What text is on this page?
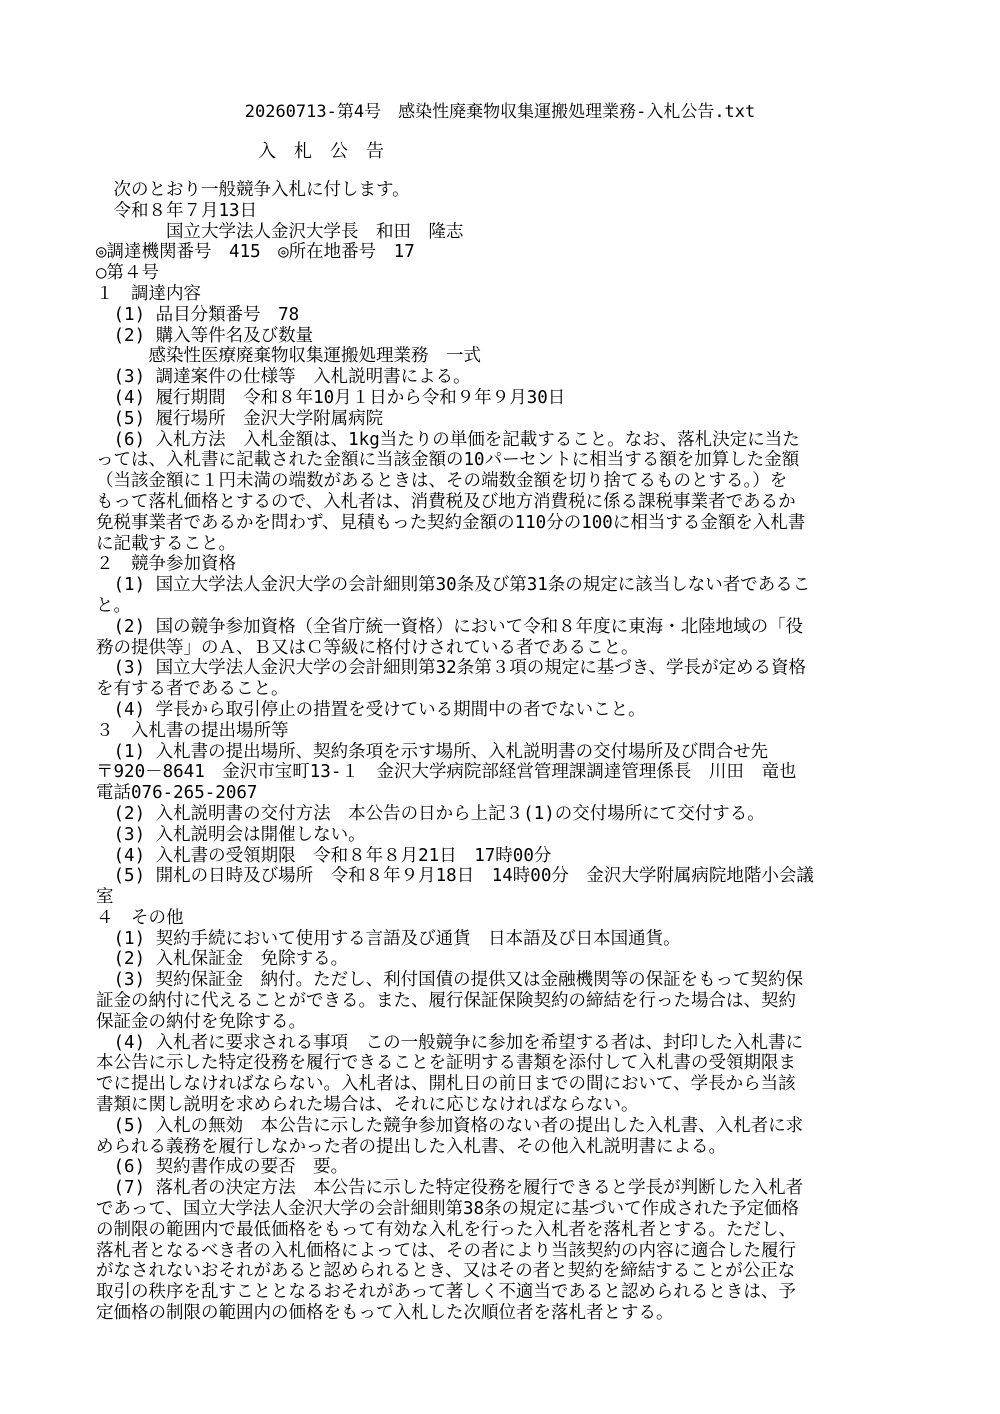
20260713-第4号　感染性廃棄物収集運搬処理業務-入札公告.txt
入　札　公　告
　次のとおり一般競争入札に付します。
　令和８年７月13日
　　　　国立大学法人金沢大学長　和田　隆志
◎調達機関番号　415　◎所在地番号　17
○第４号
１　調達内容
　(1) 品目分類番号　78
　(2) 購入等件名及び数量
　　　感染性医療廃棄物収集運搬処理業務　一式
　(3) 調達案件の仕様等　入札説明書による。
　(4) 履行期間　令和８年10月１日から令和９年９月30日
　(5) 履行場所　金沢大学附属病院
　(6) 入札方法　入札金額は、1kg当たりの単価を記載すること。なお、落札決定に当た
っては、入札書に記載された金額に当該金額の10パーセントに相当する額を加算した金額
（当該金額に１円未満の端数があるときは、その端数金額を切り捨てるものとする。）を
もって落札価格とするので、入札者は、消費税及び地方消費税に係る課税事業者であるか
免税事業者であるかを問わず、見積もった契約金額の110分の100に相当する金額を入札書
に記載すること。
２　競争参加資格
　(1) 国立大学法人金沢大学の会計細則第30条及び第31条の規定に該当しない者であるこ
と。
　(2) 国の競争参加資格（全省庁統一資格）において令和８年度に東海・北陸地域の「役
務の提供等」のＡ、Ｂ又はＣ等級に格付けされている者であること。
　(3) 国立大学法人金沢大学の会計細則第32条第３項の規定に基づき、学長が定める資格
を有する者であること。
　(4) 学長から取引停止の措置を受けている期間中の者でないこと。
３　入札書の提出場所等
　(1) 入札書の提出場所、契約条項を示す場所、入札説明書の交付場所及び問合せ先
〒920－8641　金沢市宝町13-１　金沢大学病院部経営管理課調達管理係長　川田　竜也
電話076-265-2067
　(2) 入札説明書の交付方法　本公告の日から上記３(1)の交付場所にて交付する。
　(3) 入札説明会は開催しない。
　(4) 入札書の受領期限　令和８年８月21日　17時00分
　(5) 開札の日時及び場所　令和８年９月18日　14時00分　金沢大学附属病院地階小会議
室
４　その他
　(1) 契約手続において使用する言語及び通貨　日本語及び日本国通貨。
　(2) 入札保証金　免除する。
　(3) 契約保証金　納付。ただし、利付国債の提供又は金融機関等の保証をもって契約保
証金の納付に代えることができる。また、履行保証保険契約の締結を行った場合は、契約
保証金の納付を免除する。
　(4) 入札者に要求される事項　この一般競争に参加を希望する者は、封印した入札書に
本公告に示した特定役務を履行できることを証明する書類を添付して入札書の受領期限ま
でに提出しなければならない。入札者は、開札日の前日までの間において、学長から当該
書類に関し説明を求められた場合は、それに応じなければならない。
　(5) 入札の無効　本公告に示した競争参加資格のない者の提出した入札書、入札者に求
められる義務を履行しなかった者の提出した入札書、その他入札説明書による。
　(6) 契約書作成の要否　要。
　(7) 落札者の決定方法　本公告に示した特定役務を履行できると学長が判断した入札者
であって、国立大学法人金沢大学の会計細則第38条の規定に基づいて作成された予定価格
の制限の範囲内で最低価格をもって有効な入札を行った入札者を落札者とする。ただし、
落札者となるべき者の入札価格によっては、その者により当該契約の内容に適合した履行
がなされないおそれがあると認められるとき、又はその者と契約を締結することが公正な
取引の秩序を乱すこととなるおそれがあって著しく不適当であると認められるときは、予
定価格の制限の範囲内の価格をもって入札した次順位者を落札者とする。
